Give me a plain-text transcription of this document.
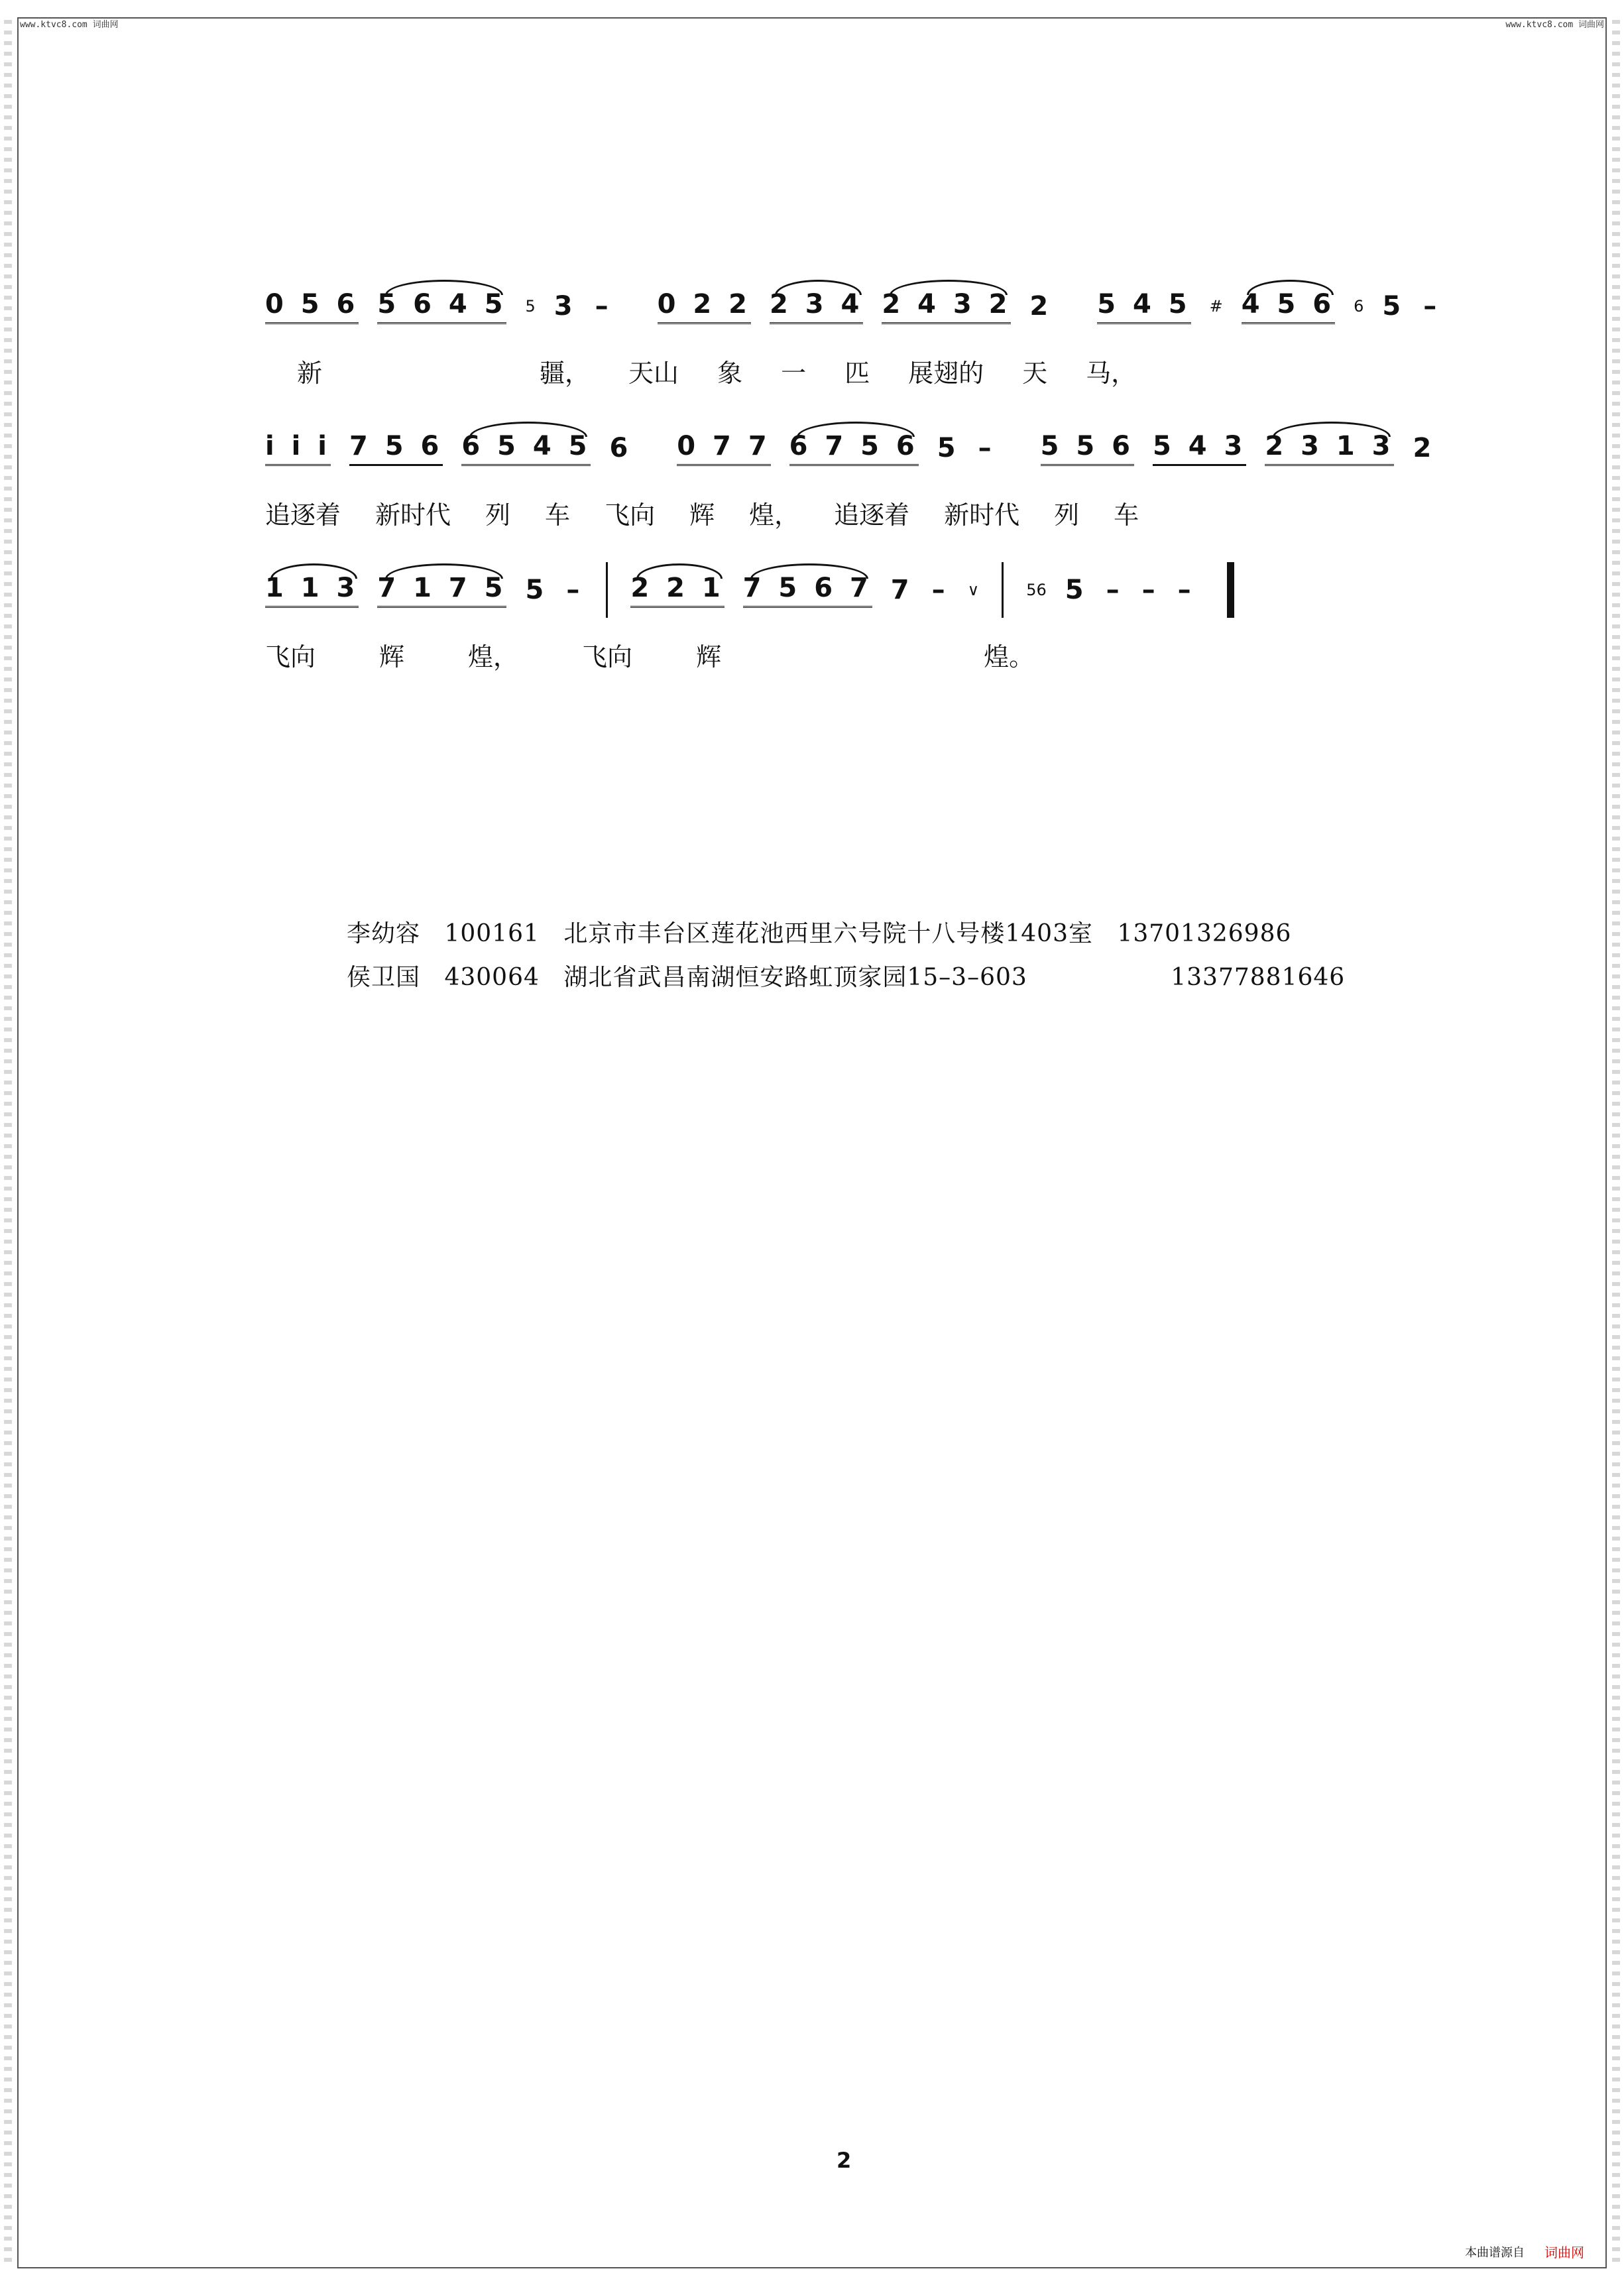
www.ktvc8.com 词曲网	www.ktvc8.com 词曲网
0 5 6 5 6 4 5 5 3 – 0 2 2 2 3 4 2 4 3 2 2 5 4 5 # 4 5 6 6 5 –
新	疆， 天山 象 一 匹 展翅的 天 马，
i i i 7 5 6 6 5 4 5 6 0 7 7 6 7 5 6 5 – 5 5 6 5 4 3 2 3 1 3 2
追逐着 新时代 列 车 飞向 辉 煌， 追逐着 新时代 列 车
1 1 3 7 1 7 5 5 – 2 2 1 7 5 6 7 7 – ∨	56 5 – – –
飞向	辉	煌，	飞向	辉	煌。
李幼容 100161 北京市丰台区莲花池西里六号院十八号楼1403室 13701326986
侯卫国 430064 湖北省武昌南湖恒安路虹顶家园15–3–603	13377881646
2
本曲谱源自 词曲网
